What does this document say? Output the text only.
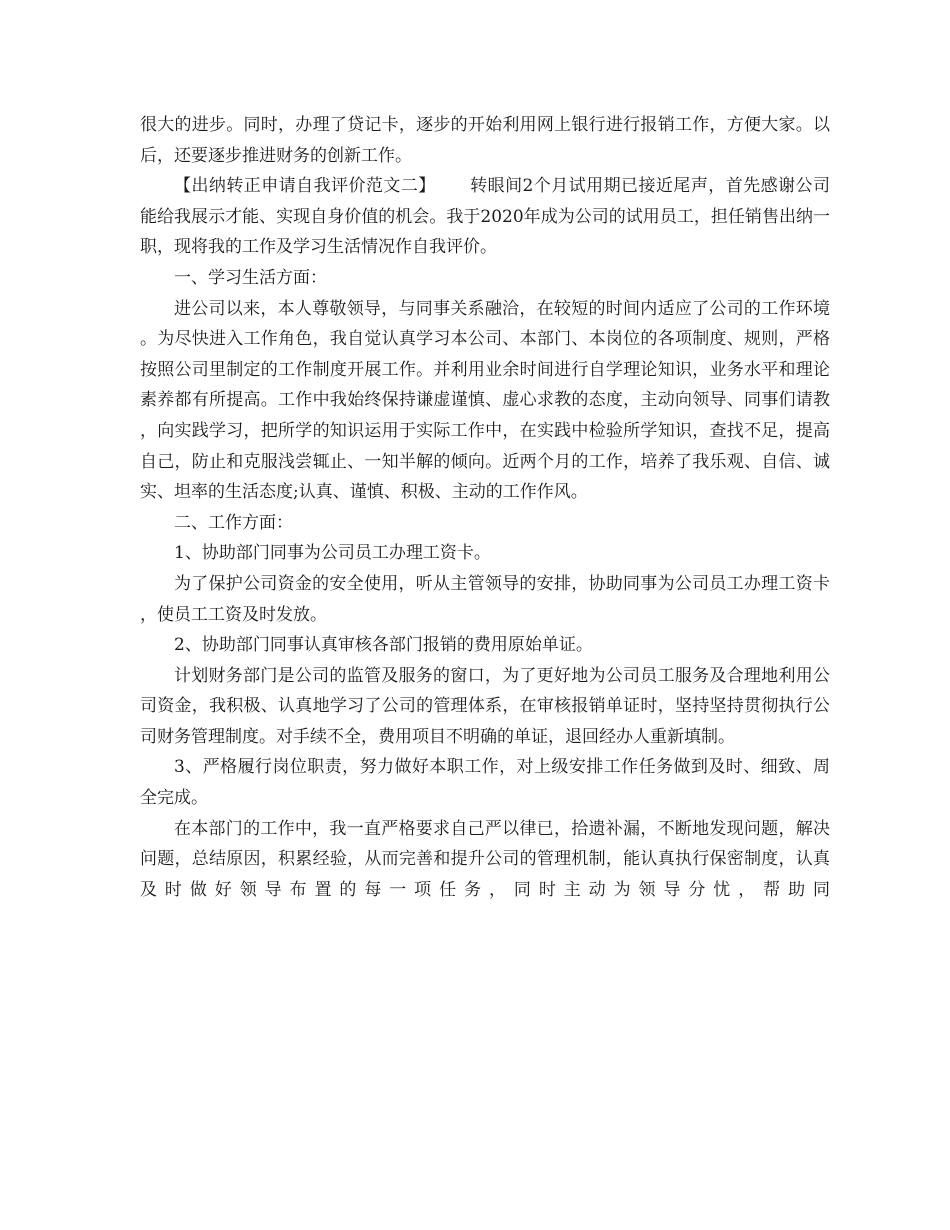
很大的进步。同时，办理了贷记卡，逐步的开始利用网上银行进行报销工作，方便大家。以后，还要逐步推进财务的创新工作。

【出纳转正申请自我评价范文二】 转眼间2个月试用期已接近尾声，首先感谢公司能给我展示才能、实现自身价值的机会。我于2020年成为公司的试用员工，担任销售出纳一职，现将我的工作及学习生活情况作自我评价。

一、学习生活方面：

进公司以来，本人尊敬领导，与同事关系融洽，在较短的时间内适应了公司的工作环境。为尽快进入工作角色，我自觉认真学习本公司、本部门、本岗位的各项制度、规则，严格按照公司里制定的工作制度开展工作。并利用业余时间进行自学理论知识，业务水平和理论素养都有所提高。工作中我始终保持谦虚谨慎、虚心求教的态度，主动向领导、同事们请教，向实践学习，把所学的知识运用于实际工作中，在实践中检验所学知识，查找不足，提高自己，防止和克服浅尝辄止、一知半解的倾向。近两个月的工作，培养了我乐观、自信、诚实、坦率的生活态度;认真、谨慎、积极、主动的工作作风。

二、工作方面：

1、协助部门同事为公司员工办理工资卡。

为了保护公司资金的安全使用，听从主管领导的安排，协助同事为公司员工办理工资卡，使员工工资及时发放。

2、协助部门同事认真审核各部门报销的费用原始单证。

计划财务部门是公司的监管及服务的窗口，为了更好地为公司员工服务及合理地利用公司资金，我积极、认真地学习了公司的管理体系，在审核报销单证时，坚持坚持贯彻执行公司财务管理制度。对手续不全，费用项目不明确的单证，退回经办人重新填制。

3、严格履行岗位职责，努力做好本职工作，对上级安排工作任务做到及时、细致、周全完成。

在本部门的工作中，我一直严格要求自己严以律已，拾遗补漏，不断地发现问题，解决问题，总结原因，积累经验，从而完善和提升公司的管理机制，能认真执行保密制度，认真及时做好领导布置的每一项任务，同时主动为领导分忧，帮助同
